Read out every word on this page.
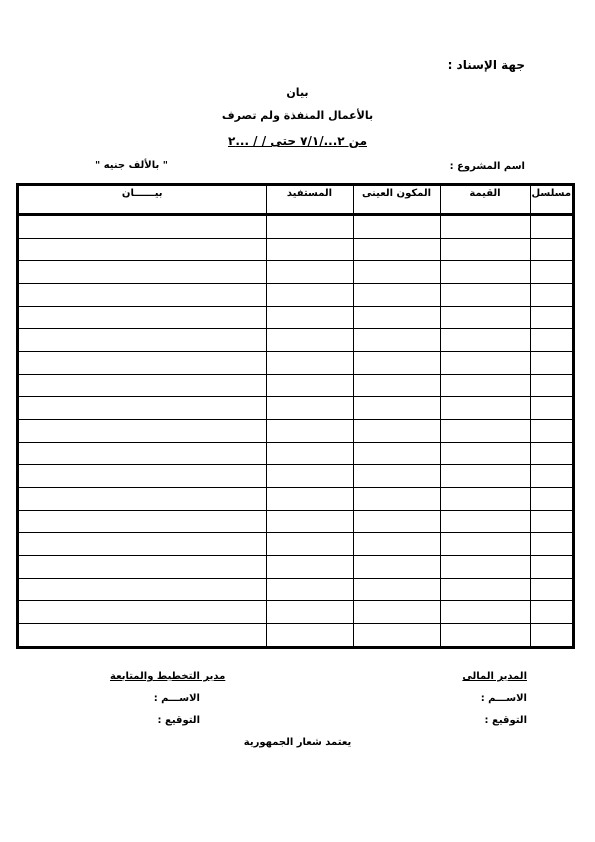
جهة الإسناد :
بيان
بالأعمال المنفذة ولم تصرف
من ٢...‏/٧/١ حتى ‏/ ‏/ ...٢
اسم المشروع :
" بالألف جنيه "
مسلسل	القيمة	المكون العينى	المستفيد	بيــــــان

المدير المالى
الاســـم :
التوقيع :
مدير التخطيط والمتابعة
الاســـم :
التوقيع :
يعتمد شعار الجمهورية
